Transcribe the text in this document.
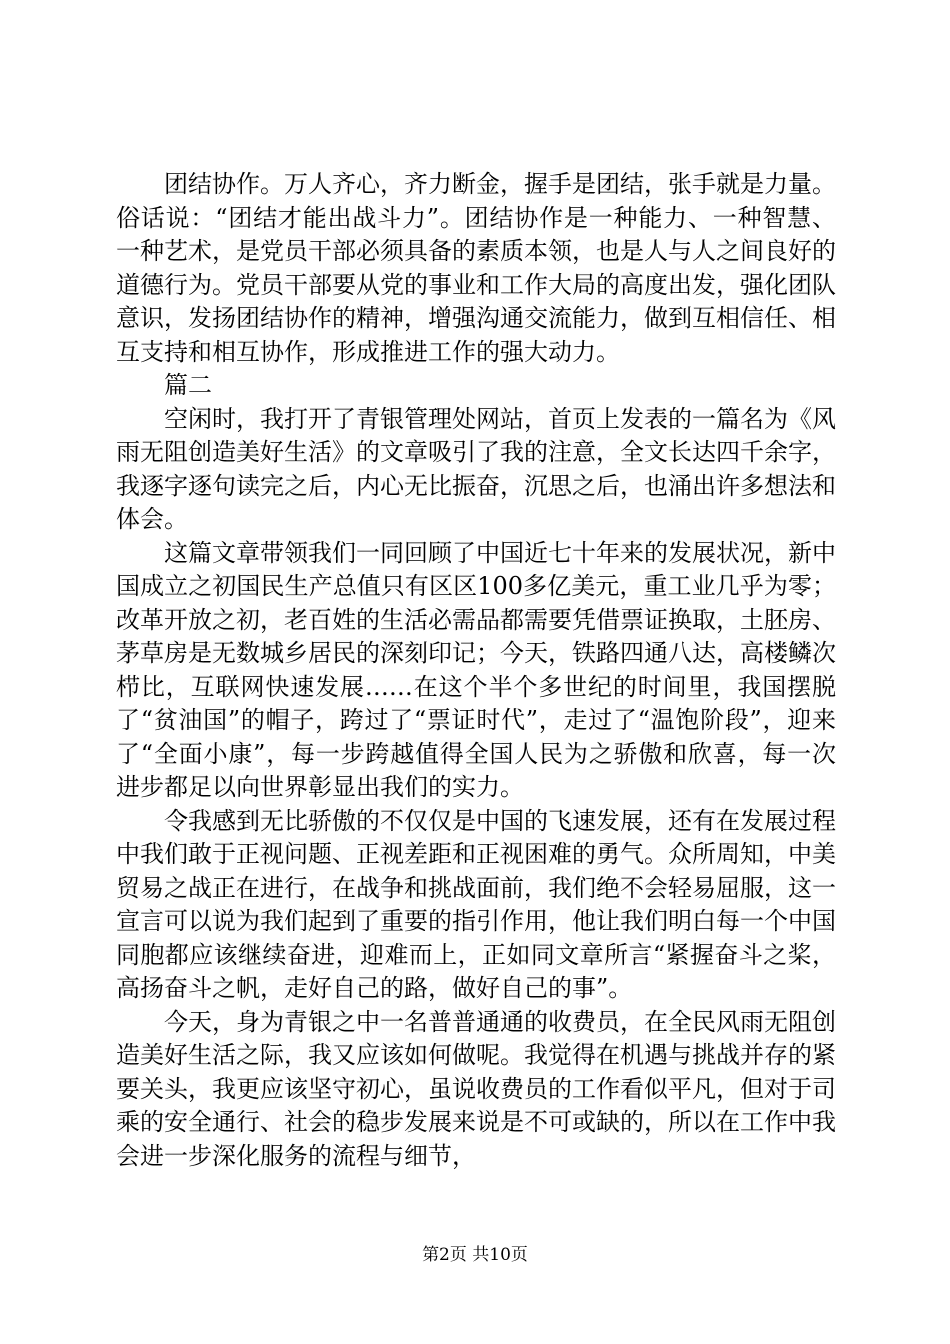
团结协作。万人齐心，齐力断金，握手是团结，张手就是力量。俗话说：“团结才能出战斗力”。团结协作是一种能力、一种智慧、一种艺术，是党员干部必须具备的素质本领，也是人与人之间良好的道德行为。党员干部要从党的事业和工作大局的高度出发，强化团队意识，发扬团结协作的精神，增强沟通交流能力，做到互相信任、相互支持和相互协作，形成推进工作的强大动力。

篇二

空闲时，我打开了青银管理处网站，首页上发表的一篇名为《风雨无阻创造美好生活》的文章吸引了我的注意，全文长达四千余字，我逐字逐句读完之后，内心无比振奋，沉思之后，也涌出许多想法和体会。

这篇文章带领我们一同回顾了中国近七十年来的发展状况，新中国成立之初国民生产总值只有区区100多亿美元，重工业几乎为零；改革开放之初，老百姓的生活必需品都需要凭借票证换取，土胚房、茅草房是无数城乡居民的深刻印记；今天，铁路四通八达，高楼鳞次栉比，互联网快速发展……在这个半个多世纪的时间里，我国摆脱了“贫油国”的帽子，跨过了“票证时代”，走过了“温饱阶段”，迎来了“全面小康”，每一步跨越值得全国人民为之骄傲和欣喜，每一次进步都足以向世界彰显出我们的实力。

令我感到无比骄傲的不仅仅是中国的飞速发展，还有在发展过程中我们敢于正视问题、正视差距和正视困难的勇气。众所周知，中美贸易之战正在进行，在战争和挑战面前，我们绝不会轻易屈服，这一宣言可以说为我们起到了重要的指引作用，他让我们明白每一个中国同胞都应该继续奋进，迎难而上，正如同文章所言“紧握奋斗之桨，高扬奋斗之帆，走好自己的路，做好自己的事”。

今天，身为青银之中一名普普通通的收费员，在全民风雨无阻创造美好生活之际，我又应该如何做呢。我觉得在机遇与挑战并存的紧要关头，我更应该坚守初心，虽说收费员的工作看似平凡，但对于司乘的安全通行、社会的稳步发展来说是不可或缺的，所以在工作中我会进一步深化服务的流程与细节，

第2页 共10页
